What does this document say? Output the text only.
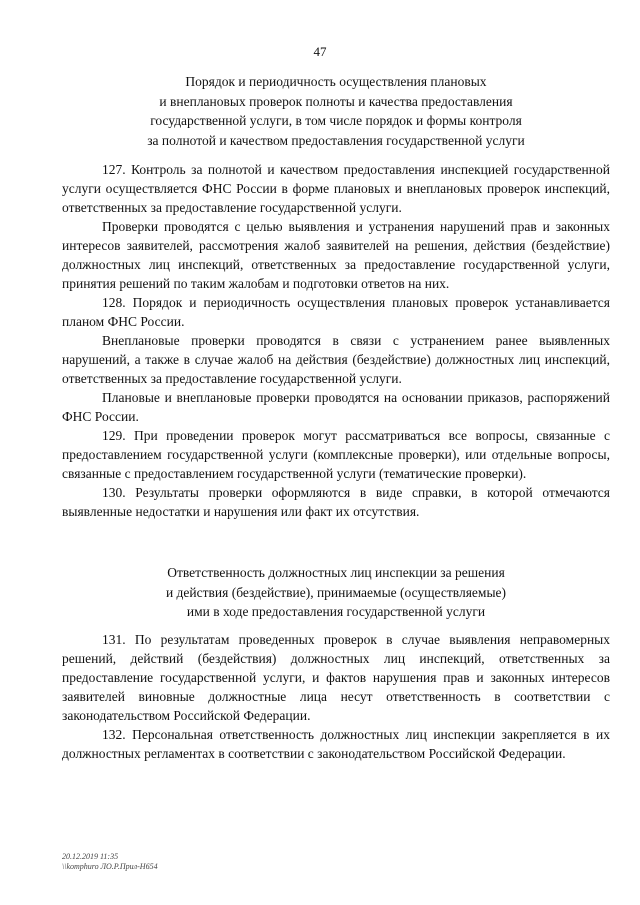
47
Порядок и периодичность осуществления плановых
и внеплановых проверок полноты и качества предоставления
государственной услуги, в том числе порядок и формы контроля
за полнотой и качеством предоставления государственной услуги

127. Контроль за полнотой и качеством предоставления инспекцией государственной услуги осуществляется ФНС России в форме плановых и внеплановых проверок инспекций, ответственных за предоставление государственной услуги.

Проверки проводятся с целью выявления и устранения нарушений прав и законных интересов заявителей, рассмотрения жалоб заявителей на решения, действия (бездействие) должностных лиц инспекций, ответственных за предоставление государственной услуги, принятия решений по таким жалобам и подготовки ответов на них.

128. Порядок и периодичность осуществления плановых проверок устанавливается планом ФНС России.

Внеплановые проверки проводятся в связи с устранением ранее выявленных нарушений, а также в случае жалоб на действия (бездействие) должностных лиц инспекций, ответственных за предоставление государственной услуги.

Плановые и внеплановые проверки проводятся на основании приказов, распоряжений ФНС России.

129. При проведении проверок могут рассматриваться все вопросы, связанные с предоставлением государственной услуги (комплексные проверки), или отдельные вопросы, связанные с предоставлением государственной услуги (тематические проверки).

130. Результаты проверки оформляются в виде справки, в которой отмечаются выявленные недостатки и нарушения или факт их отсутствия.

Ответственность должностных лиц инспекции за решения
и действия (бездействие), принимаемые (осуществляемые)
ими в ходе предоставления государственной услуги

131. По результатам проведенных проверок в случае выявления неправомерных решений, действий (бездействия) должностных лиц инспекций, ответственных за предоставление государственной услуги, и фактов нарушения прав и законных интересов заявителей виновные должностные лица несут ответственность в соответствии с законодательством Российской Федерации.

132. Персональная ответственность должностных лиц инспекции закрепляется в их должностных регламентах в соответствии с законодательством Российской Федерации.

20.12.2019 11:35
\\komphuro ЛО.Р.Прил-Н654
